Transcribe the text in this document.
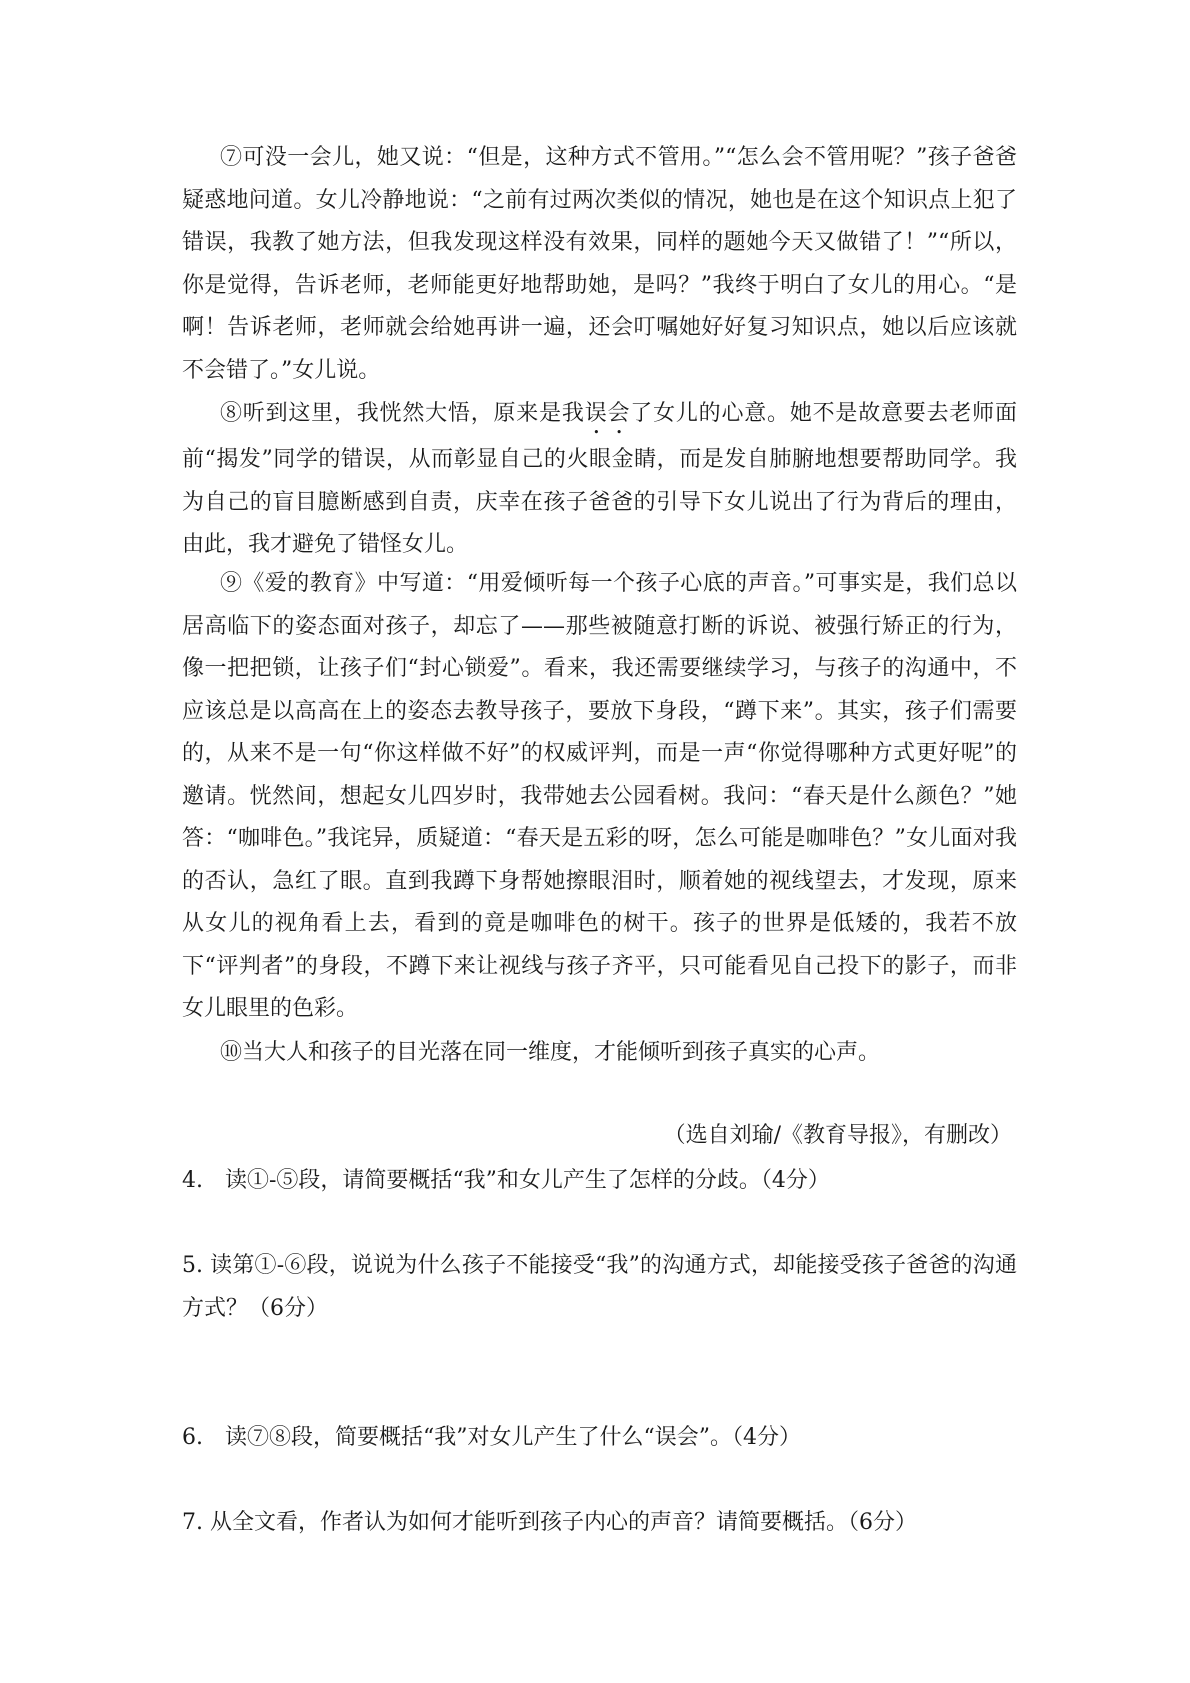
⑦可没一会儿，她又说：“但是，这种方式不管用。”“怎么会不管用呢？”孩子爸爸疑惑地问道。女儿冷静地说：“之前有过两次类似的情况，她也是在这个知识点上犯了错误，我教了她方法，但我发现这样没有效果，同样的题她今天又做错了！”“所以，你是觉得，告诉老师，老师能更好地帮助她，是吗？”我终于明白了女儿的用心。“是啊！告诉老师，老师就会给她再讲一遍，还会叮嘱她好好复习知识点，她以后应该就不会错了。”女儿说。

⑧听到这里，我恍然大悟，原来是我误会了女儿的心意。她不是故意要去老师面前“揭发”同学的错误，从而彰显自己的火眼金睛，而是发自肺腑地想要帮助同学。我为自己的盲目臆断感到自责，庆幸在孩子爸爸的引导下女儿说出了行为背后的理由，由此，我才避免了错怪女儿。

⑨《爱的教育》中写道：“用爱倾听每一个孩子心底的声音。”可事实是，我们总以居高临下的姿态面对孩子，却忘了——那些被随意打断的诉说、被强行矫正的行为，像一把把锁，让孩子们“封心锁爱”。看来，我还需要继续学习，与孩子的沟通中，不应该总是以高高在上的姿态去教导孩子，要放下身段，“蹲下来”。其实，孩子们需要的，从来不是一句“你这样做不好”的权威评判，而是一声“你觉得哪种方式更好呢”的邀请。恍然间，想起女儿四岁时，我带她去公园看树。我问：“春天是什么颜色？”她答：“咖啡色。”我诧异，质疑道：“春天是五彩的呀，怎么可能是咖啡色？”女儿面对我的否认，急红了眼。直到我蹲下身帮她擦眼泪时，顺着她的视线望去，才发现，原来从女儿的视角看上去，看到的竟是咖啡色的树干。孩子的世界是低矮的，我若不放下“评判者”的身段，不蹲下来让视线与孩子齐平，只可能看见自己投下的影子，而非女儿眼里的色彩。

⑩当大人和孩子的目光落在同一维度，才能倾听到孩子真实的心声。

（选自刘瑜/《教育导报》，有删改）

4.　读①-⑤段，请简要概括“我”和女儿产生了怎样的分歧。（4分）

5. 读第①-⑥段，说说为什么孩子不能接受“我”的沟通方式，却能接受孩子爸爸的沟通方式？（6分）

6.　读⑦⑧段，简要概括“我”对女儿产生了什么“误会”。（4分）

7. 从全文看，作者认为如何才能听到孩子内心的声音？请简要概括。（6分）
